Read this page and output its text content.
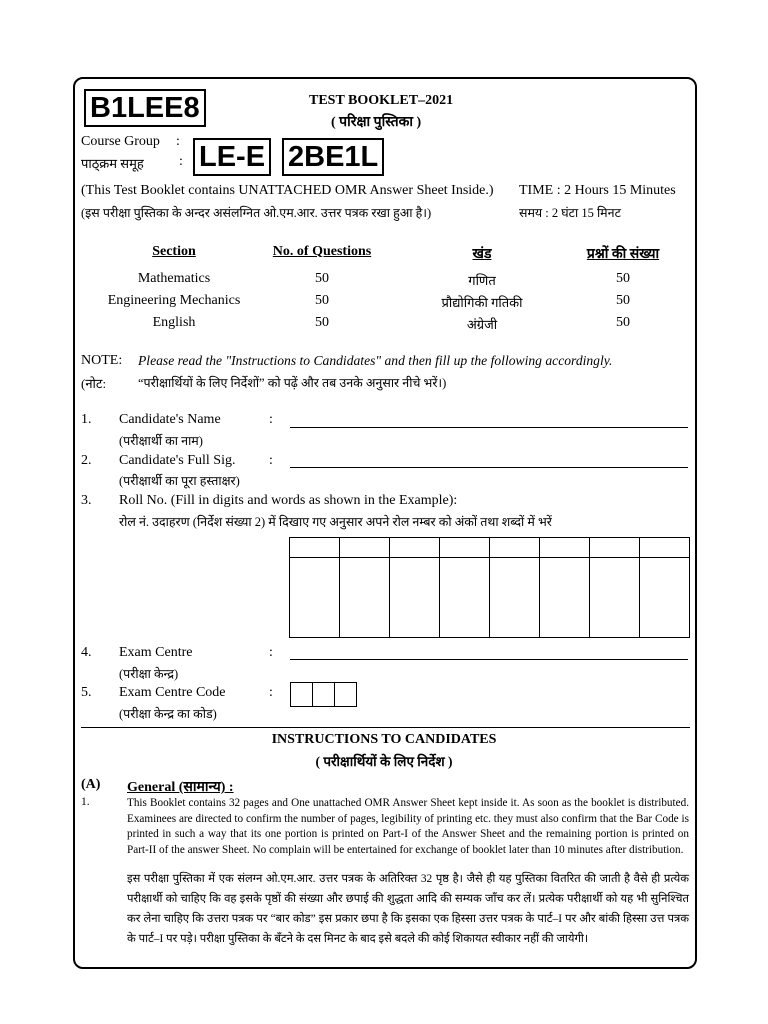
B1LEE8	TEST BOOKLET–2021
( परिक्षा पुस्तिका )
Course Group :
पाठ्क्रम समूह	: LE-E 2BE1L
(This Test Booklet contains UNATTACHED OMR Answer Sheet Inside.) TIME : 2 Hours 15 Minutes
(इस परीक्षा पुस्तिका के अन्दर असंलग्नित ओ.एम.आर. उत्तर पत्रक रखा हुआ है।)	समय : 2 घंटा 15 मिनट
Section	No. of Questions	खंड	प्रश्नों की संख्या
Mathematics	50	गणित	50
Engineering Mechanics	50	प्रौद्योगिकी गतिकी	50
English	50	अंग्रेजी	50
NOTE: Please read the "Instructions to Candidates" and then fill up the following accordingly.
(नोट:	“परीक्षार्थियों के लिए निर्देशों” को पढ़ें और तब उनके अनुसार नीचे भरें।)
1. Candidate's Name	:
(परीक्षार्थी का नाम)
2. Candidate's Full Sig. :
(परीक्षार्थी का पूरा हस्ताक्षर)
3. Roll No. (Fill in digits and words as shown in the Example):
रोल नं. उदाहरण (निर्देश संख्या 2) में दिखाए गए अनुसार अपने रोल नम्बर को अंकों तथा शब्दों में भरें

4. Exam Centre	:
(परीक्षा केन्द्र)
5. Exam Centre Code	:

(परीक्षा केन्द्र का कोड)
INSTRUCTIONS TO CANDIDATES
( परीक्षार्थियों के लिए निर्देश )
(A) General (सामान्य) :
1.	This Booklet contains 32 pages and One unattached OMR Answer Sheet kept inside it. As soon as the booklet is distributed. Examinees are directed to confirm the number of pages, legibility of printing etc. they must also confirm that the Bar Code is printed in such a way that its one portion is printed on Part-I of the Answer Sheet and the remaining portion is printed on Part-II of the answer Sheet. No complain will be entertained for exchange of booklet later than 10 minutes after distribution.
इस परीक्षा पुस्तिका में एक संलग्न ओ.एम.आर. उत्तर पत्रक के अतिरिक्त 32 पृष्ठ है। जैसे ही यह पुस्तिका वितरित की जाती है वैसे ही प्रत्येक परीक्षार्थी को चाहिए कि वह इसके पृष्ठों की संख्या और छपाई की शुद्धता आदि की सम्यक जाँच कर लें। प्रत्येक परीक्षार्थी को यह भी सुनिश्चित कर लेना चाहिए कि उत्तरा पत्रक पर “बार कोड” इस प्रकार छपा है कि इसका एक हिस्सा उत्तर पत्रक के पार्ट–I पर और बांकी हिस्सा उत्त पत्रक के पार्ट–I पर पड़े। परीक्षा पुस्तिका के बँटने के दस मिनट के बाद इसे बदले की कोई शिकायत स्वीकार नहीं की जायेगी।
